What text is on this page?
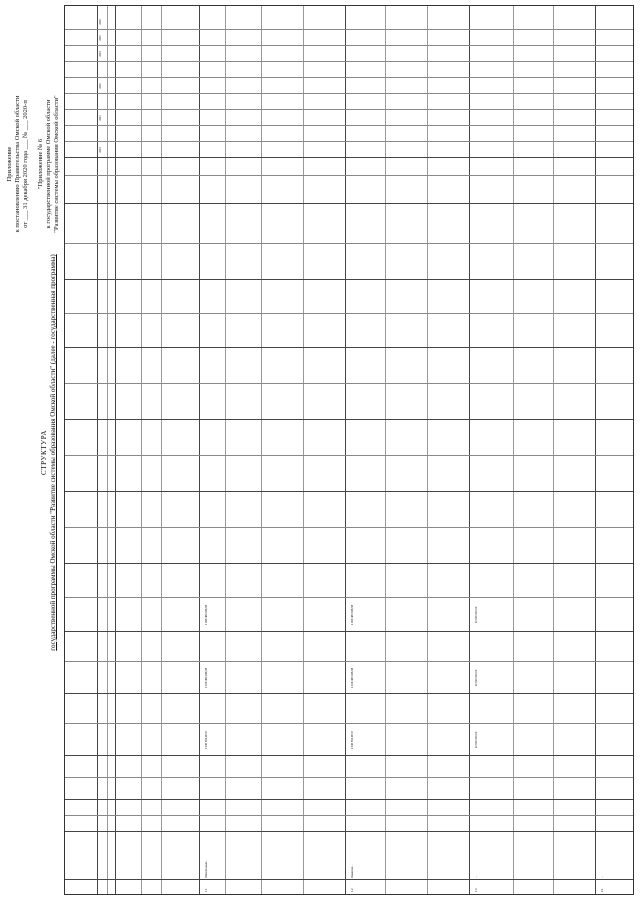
Приложение к постановлению Правительства Омской области от ___ 31 декабря 2020 года ___ № ___ 2020-п "Приложение № 6 к государственной программе Омской области "Развитие системы образования Омской области"
СТРУКТУРА государственной программы Омской области "Развитие системы образования Омской области" (далее - государственная программа)
2020
2021
2022
2023
2024
2025
1.1
Обеспечение...
1 046 554,96 97
1 196 480 946,58
1 396 480 946,58
1.2
Развитие...
1 046 554,96 97
1 196 480 946,58
1 396 480 946,58
1.3
...
12 000 000,00
12 000 000,00
12 000 000,00
2.1
...
